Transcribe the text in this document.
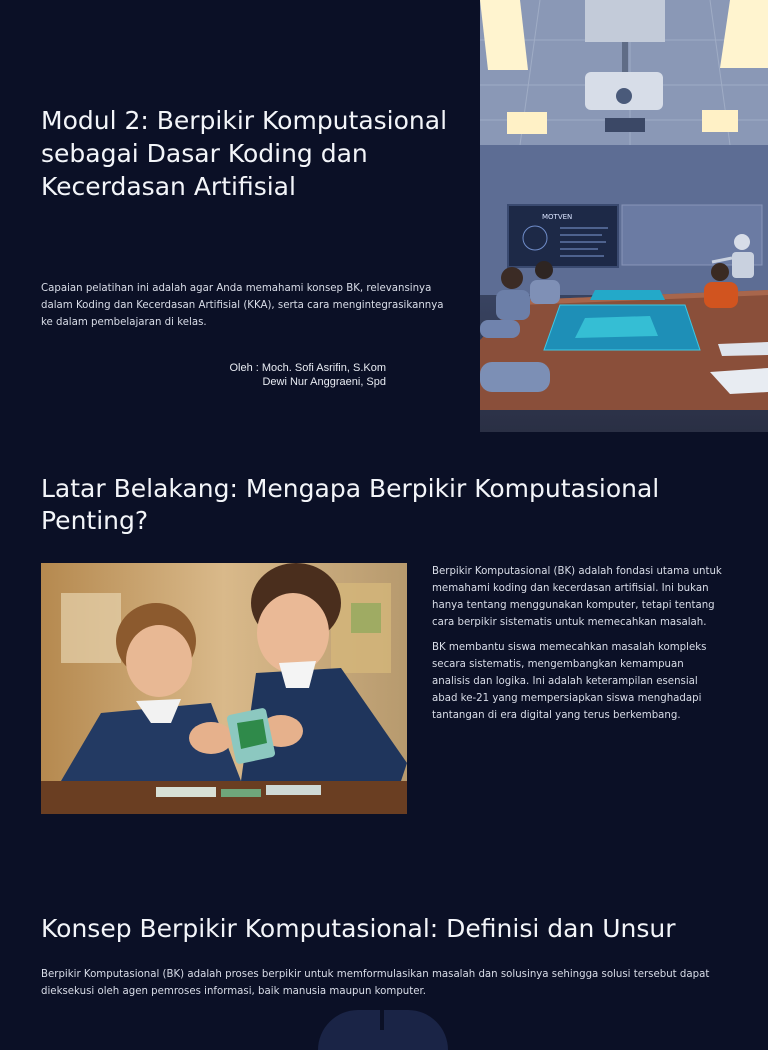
Modul 2: Berpikir Komputasional sebagai Dasar Koding dan Kecerdasan Artifisial

Capaian pelatihan ini adalah agar Anda memahami konsep BK, relevansinya dalam Koding dan Kecerdasan Artifisial (KKA), serta cara mengintegrasikannya ke dalam pembelajaran di kelas.

Oleh : Moch. Sofi Asrifin, S.Kom
Dewi Nur Anggraeni, Spd
MOTVEN
Latar Belakang: Mengapa Berpikir Komputasional Penting?

Berpikir Komputasional (BK) adalah fondasi utama untuk memahami koding dan kecerdasan artifisial. Ini bukan hanya tentang menggunakan komputer, tetapi tentang cara berpikir sistematis untuk memecahkan masalah.

BK membantu siswa memecahkan masalah kompleks secara sistematis, mengembangkan kemampuan analisis dan logika. Ini adalah keterampilan esensial abad ke-21 yang mempersiapkan siswa menghadapi tantangan di era digital yang terus berkembang.

Konsep Berpikir Komputasional: Definisi dan Unsur

Berpikir Komputasional (BK) adalah proses berpikir untuk memformulasikan masalah dan solusinya sehingga solusi tersebut dapat dieksekusi oleh agen pemroses informasi, baik manusia maupun komputer.
